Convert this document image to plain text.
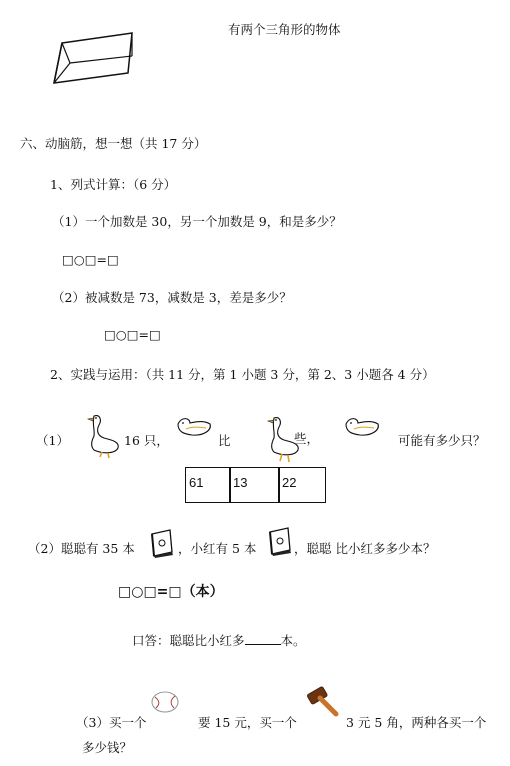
有两个三角形的物体
六、动脑筋，想一想（共 17 分）
1、列式计算：（6 分）
（1）一个加数是 30，另一个加数是 9，和是多少？
□○□=□
（2）被减数是 73，减数是 3，差是多少？
□○□=□
2、实践与运用：（共 11 分，第 1 小题 3 分，第 2、3 小题各 4 分）
（1）	16 只，	比	些，	可能有多少只？
61	13	22
（2）聪聪有 35 本	，小红有 5 本	，聪聪 比小红多多少本？
□○□=□（本）
口答：聪聪比小红多	本。
（3）买一个	要 15 元，买一个	3 元 5 角，两种各买一个
多少钱？
